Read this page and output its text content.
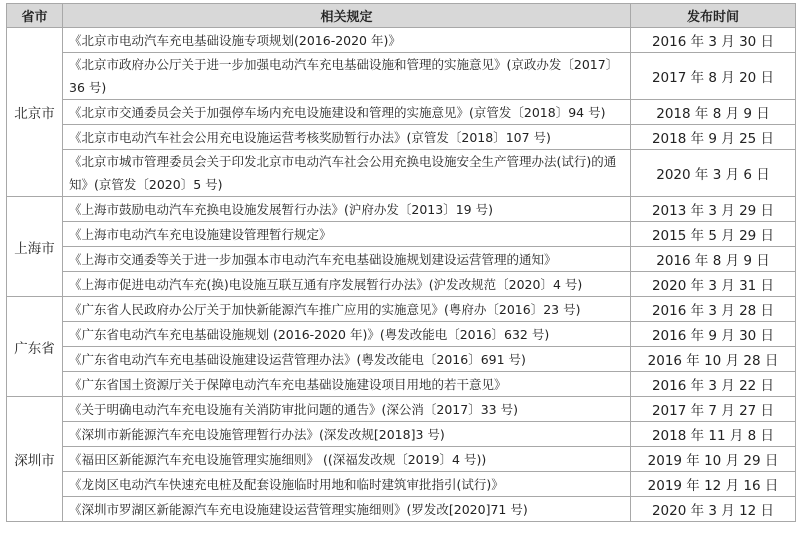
省市	相关规定	发布时间
北京市	《北京市电动汽车充电基础设施专项规划(2016-2020 年)》	2016 年 3 月 30 日
	《北京市政府办公厅关于进一步加强电动汽车充电基础设施和管理的实施意见》(京政办发〔2017〕36 号)	2017 年 8 月 20 日
	《北京市交通委员会关于加强停车场内充电设施建设和管理的实施意见》(京管发〔2018〕94 号)	2018 年 8 月 9 日
	《北京市电动汽车社会公用充电设施运营考核奖励暂行办法》(京管发〔2018〕107 号)	2018 年 9 月 25 日
	《北京市城市管理委员会关于印发北京市电动汽车社会公用充换电设施安全生产管理办法(试行)的通知》(京管发〔2020〕5 号)	2020 年 3 月 6 日
上海市	《上海市鼓励电动汽车充换电设施发展暂行办法》(沪府办发〔2013〕19 号)	2013 年 3 月 29 日
	《上海市电动汽车充电设施建设管理暂行规定》	2015 年 5 月 29 日
	《上海市交通委等关于进一步加强本市电动汽车充电基础设施规划建设运营管理的通知》	2016 年 8 月 9 日
	《上海市促进电动汽车充(换)电设施互联互通有序发展暂行办法》(沪发改规范〔2020〕4 号)	2020 年 3 月 31 日
广东省	《广东省人民政府办公厅关于加快新能源汽车推广应用的实施意见》(粤府办〔2016〕23 号)	2016 年 3 月 28 日
	《广东省电动汽车充电基础设施规划 (2016-2020 年)》(粤发改能电〔2016〕632 号)	2016 年 9 月 30 日
	《广东省电动汽车充电基础设施建设运营管理办法》(粤发改能电〔2016〕691 号)	2016 年 10 月 28 日
	《广东省国土资源厅关于保障电动汽车充电基础设施建设项目用地的若干意见》	2016 年 3 月 22 日
深圳市	《关于明确电动汽车充电设施有关消防审批问题的通告》(深公消〔2017〕33 号)	2017 年 7 月 27 日
	《深圳市新能源汽车充电设施管理暂行办法》(深发改规[2018]3 号)	2018 年 11 月 8 日
	《福田区新能源汽车充电设施管理实施细则》 ((深福发改规〔2019〕4 号))	2019 年 10 月 29 日
	《龙岗区电动汽车快速充电桩及配套设施临时用地和临时建筑审批指引(试行)》	2019 年 12 月 16 日
	《深圳市罗湖区新能源汽车充电设施建设运营管理实施细则》(罗发改[2020]71 号)	2020 年 3 月 12 日
